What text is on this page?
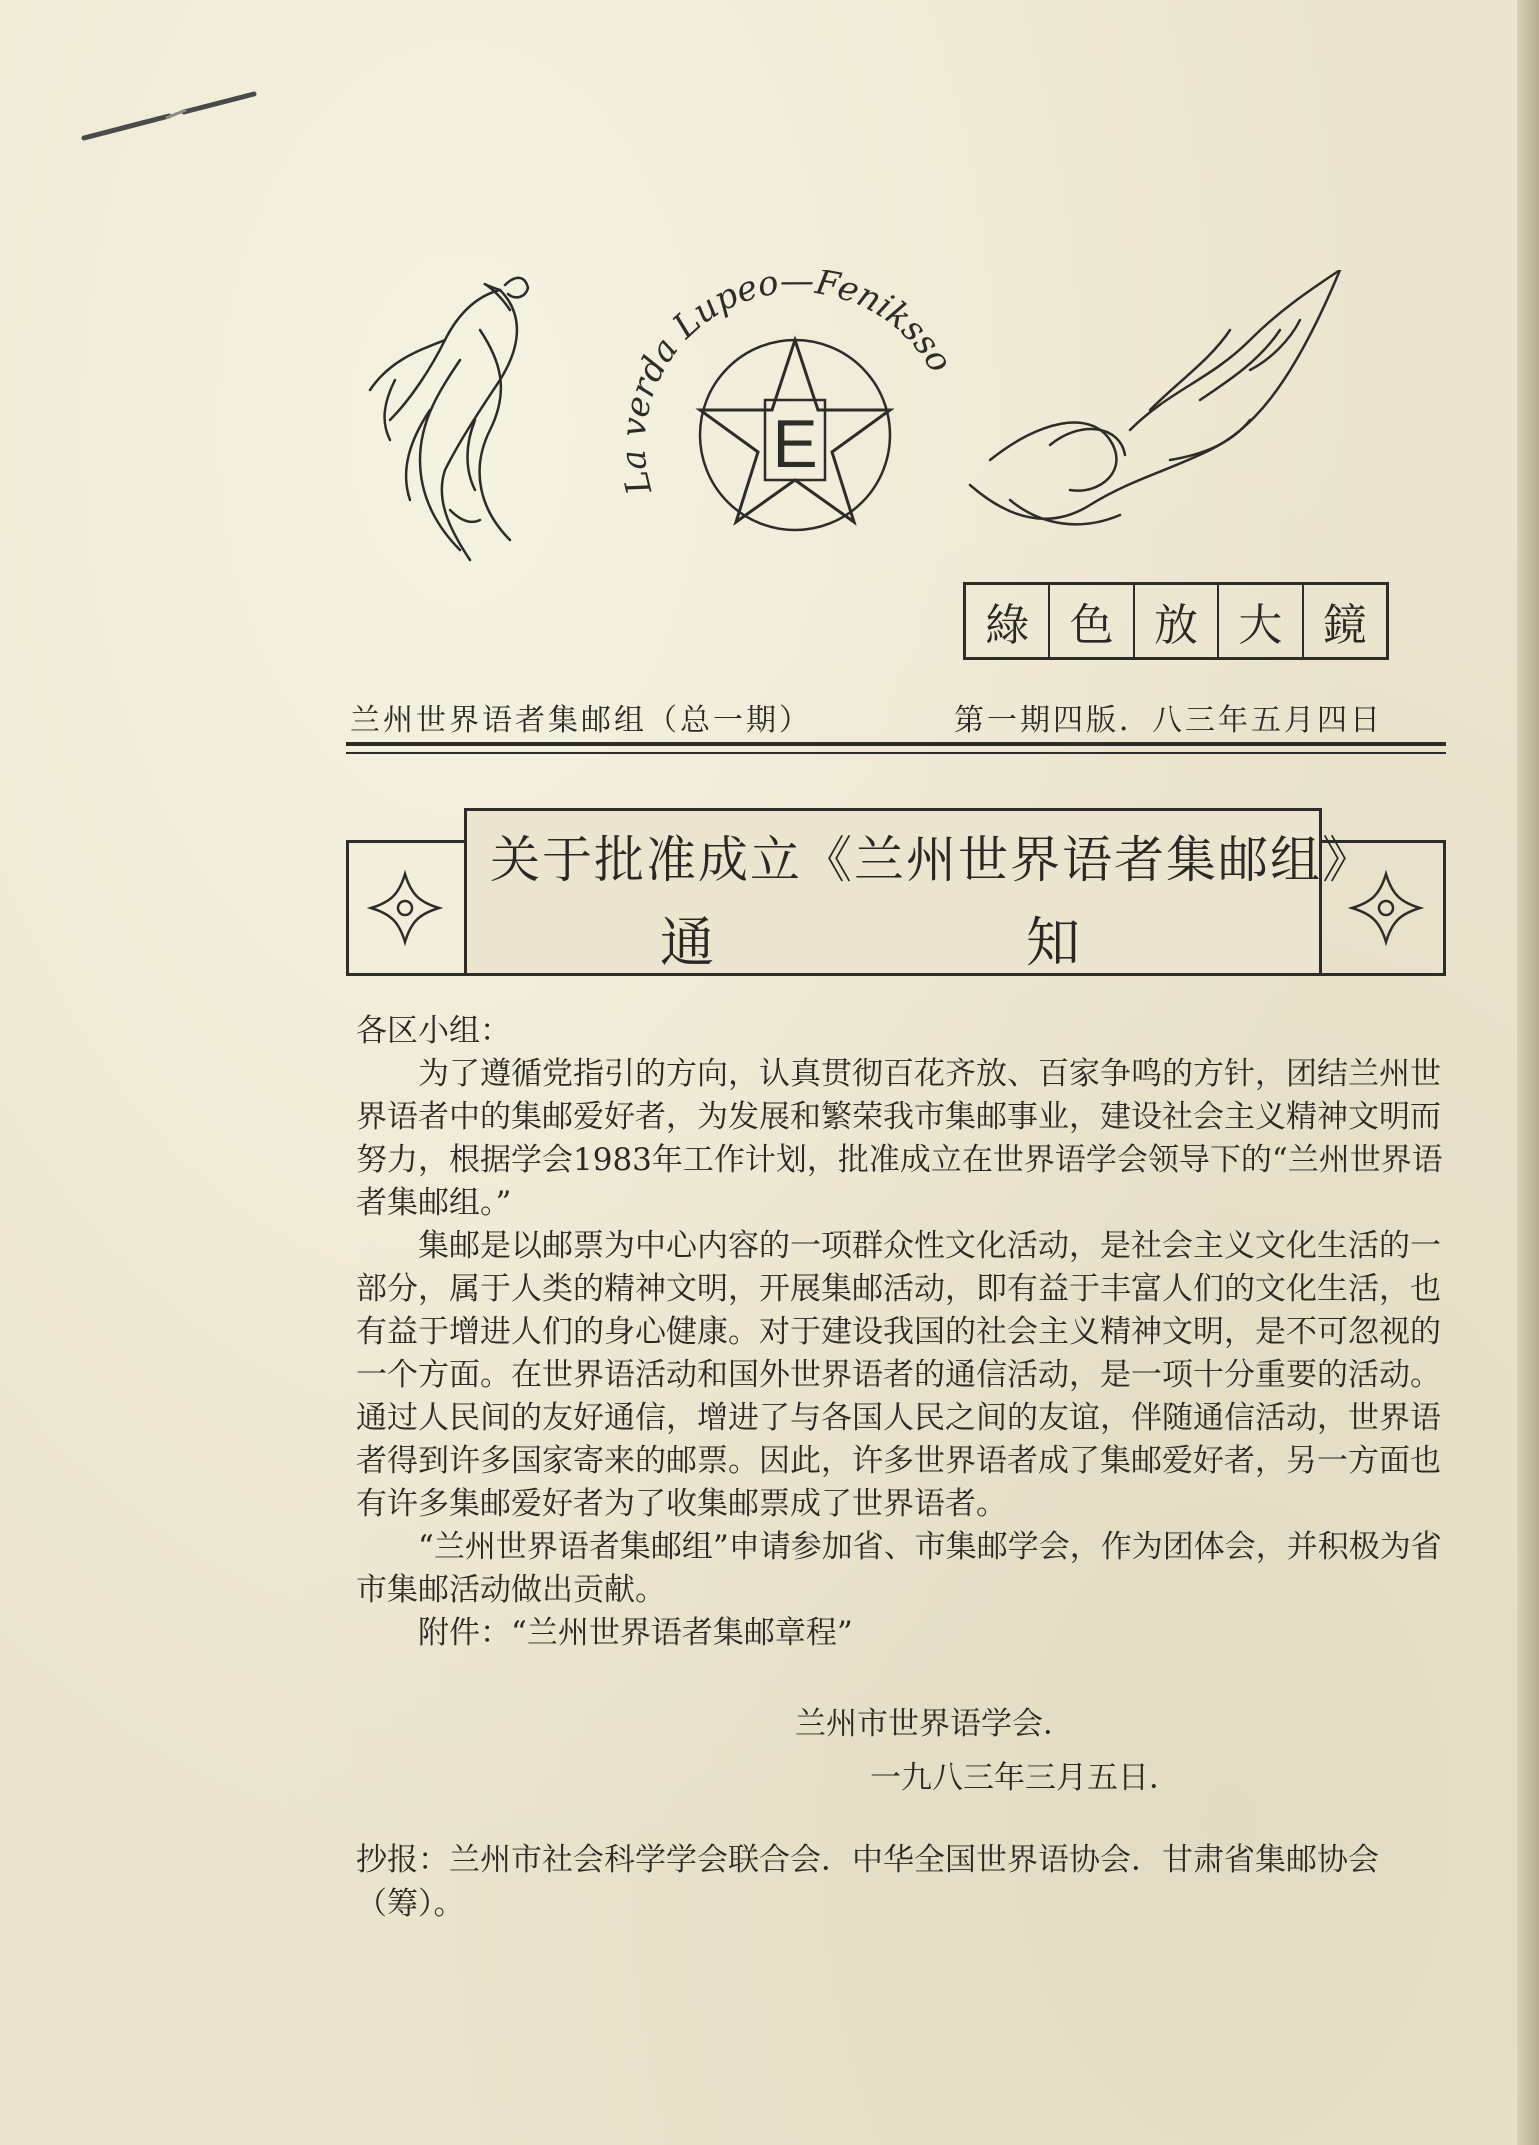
E
La verda Lupeo—Feniksso
綠 色 放 大 鏡
兰州世界语者集邮组（总一期）	第一期四版．八三年五月四日
关于批准成立《兰州世界语者集邮组》
通	知

各区小组：

为了遵循党指引的方向，认真贯彻百花齐放、百家争鸣的方针，团结兰州世界语者中的集邮爱好者，为发展和繁荣我市集邮事业，建设社会主义精神文明而努力，根据学会1983年工作计划，批准成立在世界语学会领导下的“兰州世界语者集邮组。”

集邮是以邮票为中心内容的一项群众性文化活动，是社会主义文化生活的一部分，属于人类的精神文明，开展集邮活动，即有益于丰富人们的文化生活，也有益于增进人们的身心健康。对于建设我国的社会主义精神文明，是不可忽视的一个方面。在世界语活动和国外世界语者的通信活动，是一项十分重要的活动。通过人民间的友好通信，增进了与各国人民之间的友谊，伴随通信活动，世界语者得到许多国家寄来的邮票。因此，许多世界语者成了集邮爱好者，另一方面也有许多集邮爱好者为了收集邮票成了世界语者。

“兰州世界语者集邮组”申请参加省、市集邮学会，作为团体会，并积极为省市集邮活动做出贡献。

附件：“兰州世界语者集邮章程”

兰州市世界语学会．
一九八三年三月五日．
抄报：兰州市社会科学学会联合会．中华全国世界语协会．甘肃省集邮协会（筹）。
